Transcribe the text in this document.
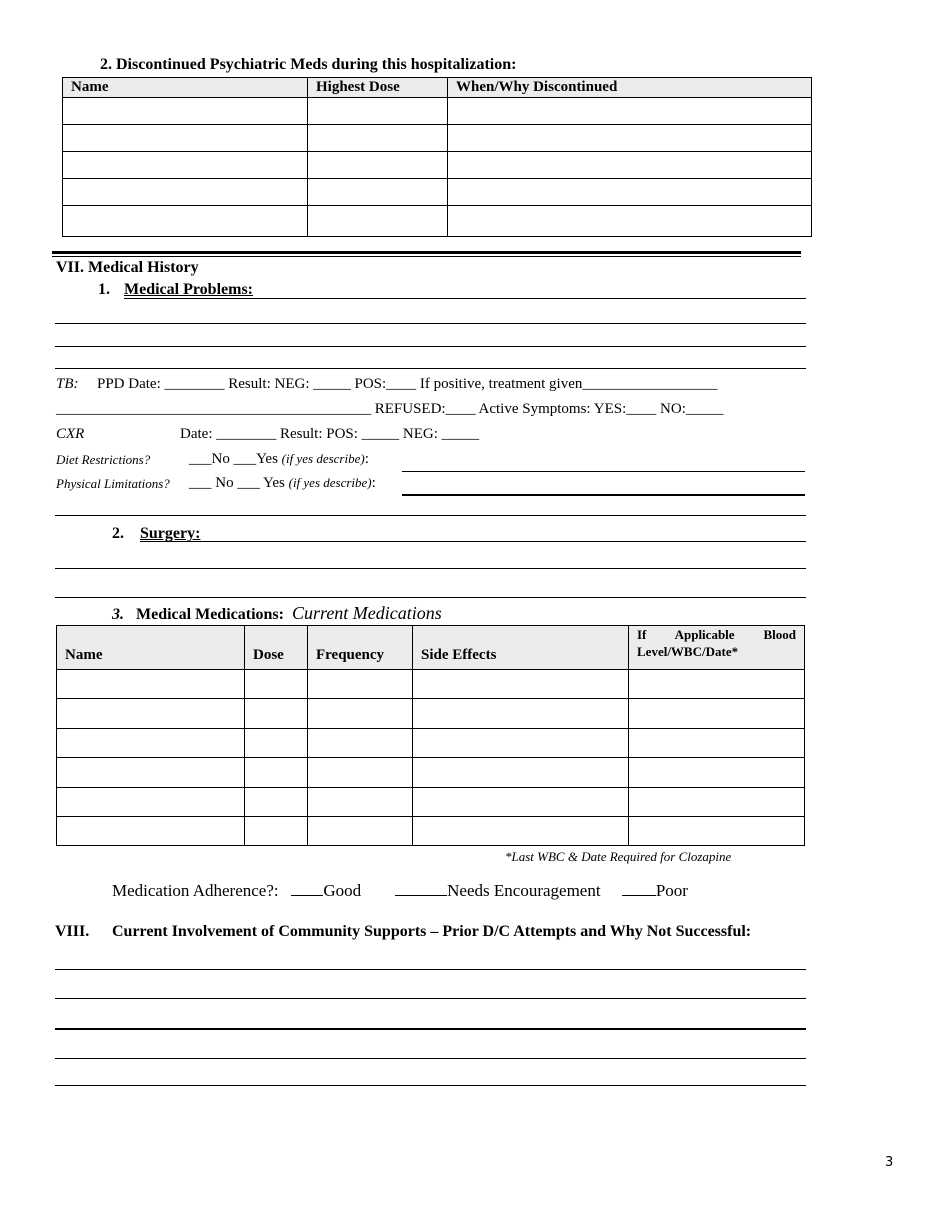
2. Discontinued Psychiatric Meds during this hospitalization:
Name	Highest Dose	When/Why Discontinued

VII. Medical History
1. Medical Problems:
TB: PPD Date: ________ Result: NEG: _____ POS:____ If positive, treatment given__________________
__________________________________________ REFUSED:____ Active Symptoms: YES:____ NO:_____
CXR	Date: ________ Result: POS: _____ NEG: _____
Diet Restrictions?	___No ___Yes (if yes describe):
Physical Limitations? ___ No ___ Yes (if yes describe):
2. Surgery:
3. Medical Medications: Current Medications
Name	Dose	Frequency	Side Effects	If Applicable Blood Level/WBC/Date*

*Last WBC & Date Required for Clozapine
Medication Adherence?:	Good	Needs Encouragement	Poor
VIII. Current Involvement of Community Supports – Prior D/C Attempts and Why Not Successful:
3
